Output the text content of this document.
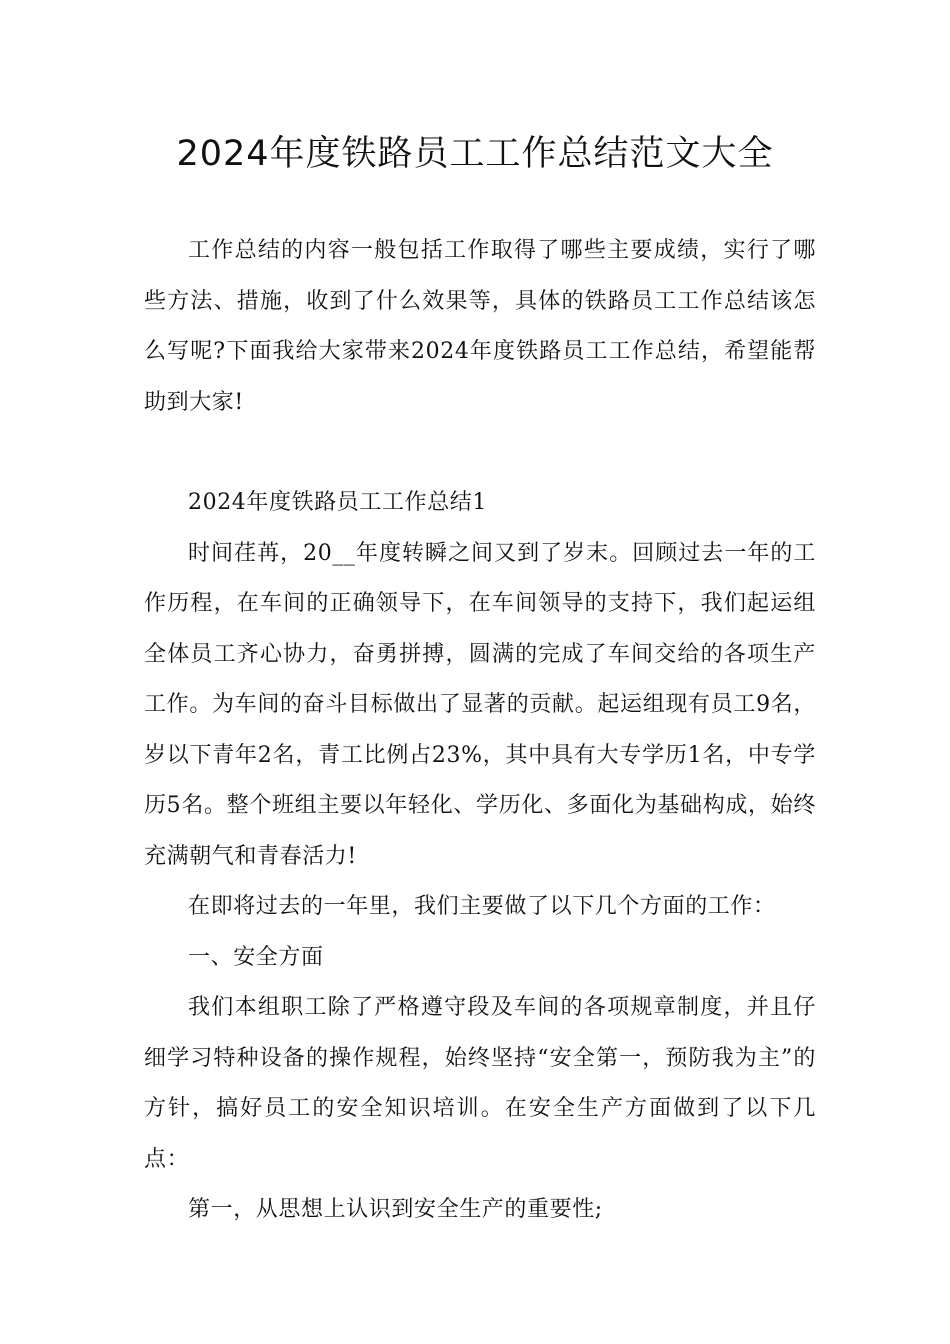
2024年度铁路员工工作总结范文大全

工作总结的内容一般包括工作取得了哪些主要成绩，实行了哪些方法、措施，收到了什么效果等，具体的铁路员工工作总结该怎么写呢?下面我给大家带来2024年度铁路员工工作总结，希望能帮助到大家!

2024年度铁路员工工作总结1

时间荏苒，20__年度转瞬之间又到了岁末。回顾过去一年的工作历程，在车间的正确领导下，在车间领导的支持下，我们起运组全体员工齐心协力，奋勇拼搏，圆满的完成了车间交给的各项生产工作。为车间的奋斗目标做出了显著的贡献。起运组现有员工9名，岁以下青年2名，青工比例占23%，其中具有大专学历1名，中专学历5名。整个班组主要以年轻化、学历化、多面化为基础构成，始终充满朝气和青春活力!

在即将过去的一年里，我们主要做了以下几个方面的工作：

一、安全方面

我们本组职工除了严格遵守段及车间的各项规章制度，并且仔细学习特种设备的操作规程，始终坚持“安全第一，预防我为主”的方针，搞好员工的安全知识培训。在安全生产方面做到了以下几点：

第一，从思想上认识到安全生产的重要性;
